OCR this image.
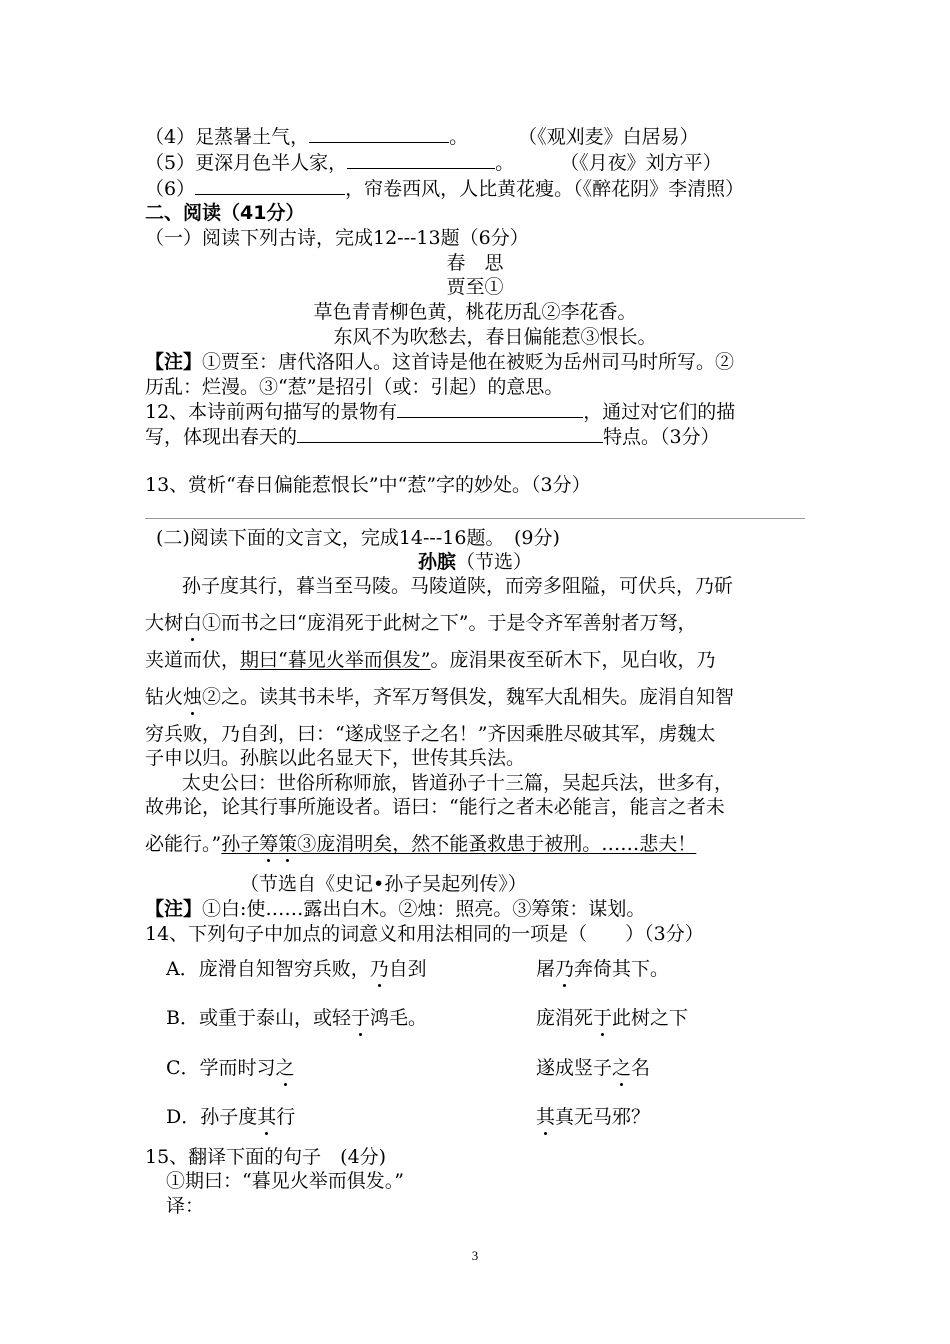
（4）足蒸暑土气，	。	（《观刈麦》白居易）
（5）更深月色半人家，	。 （《月夜》刘方平）
（6）	，帘卷西风，人比黄花瘦。（《醉花阴》李清照）
二、阅读（41分）
（一）阅读下列古诗，完成12---13题（6分）
春　思
贾至①
草色青青柳色黄，桃花历乱②李花香。
东风不为吹愁去，春日偏能惹③恨长。
【注】①贾至：唐代洛阳人。这首诗是他在被贬为岳州司马时所写。②
历乱：烂漫。③“惹”是招引（或：引起）的意思。
12、本诗前两句描写的景物有	，通过对它们的描
写，体现出春天的	特点。（3分）
13、赏析“春日偏能惹恨长”中“惹”字的妙处。（3分）
(二)阅读下面的文言文，完成14---16题。　(9分)
孙膑（节选）
孙子度其行，暮当至马陵。马陵道陕，而旁多阻隘，可伏兵，乃斫
大树白①而书之曰“庞涓死于此树之下”。于是令齐军善射者万弩，
夹道而伏，期曰“暮见火举而俱发”。庞涓果夜至斫木下，见白收，乃
钻火烛②之。读其书未毕，齐军万弩俱发，魏军大乱相失。庞涓自知智
穷兵败，乃自刭，曰：“遂成竖子之名！”齐因乘胜尽破其军，虏魏太
子申以归。孙膑以此名显天下，世传其兵法。
太史公曰：世俗所称师旅，皆道孙子十三篇，吴起兵法，世多有，
故弗论，论其行事所施设者。语曰：“能行之者未必能言，能言之者未
必能行。”孙子筹策③庞涓明矣，然不能蚤救患于被刑。……悲夫！
（节选自《史记•孙子吴起列传》）
【注】①白:使……露出白木。②烛：照亮。③筹策：谋划。
14、下列句子中加点的词意义和用法相同的一项是（　　）（3分）
A．庞滑自知智穷兵败，乃自刭	屠乃奔倚其下。
B．或重于泰山，或轻于鸿毛。	庞涓死于此树之下
C．学而时习之	遂成竖子之名
D．孙子度其行	其真无马邪？
15、翻译下面的句子　(4分)
①期曰：“暮见火举而俱发。”
译：
3
